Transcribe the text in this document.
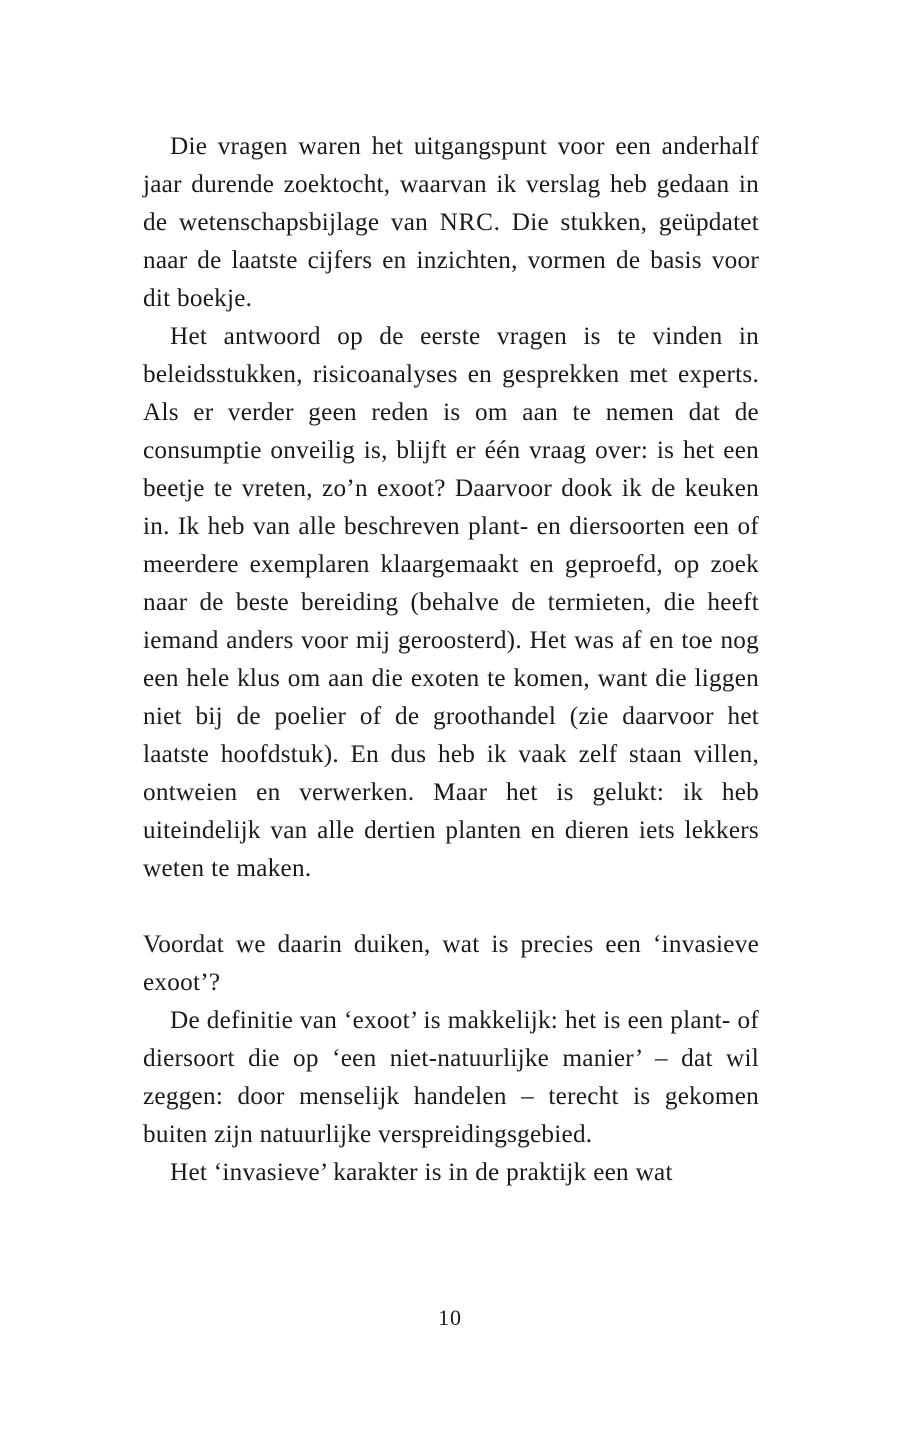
Die vragen waren het uitgangspunt voor een anderhalf jaar durende zoektocht, waarvan ik verslag heb gedaan in de wetenschapsbijlage van NRC. Die stukken, geüpdatet naar de laatste cijfers en inzichten, vormen de basis voor dit boekje.

Het antwoord op de eerste vragen is te vinden in beleidsstukken, risicoanalyses en gesprekken met experts. Als er verder geen reden is om aan te nemen dat de consumptie onveilig is, blijft er één vraag over: is het een beetje te vreten, zo’n exoot? Daarvoor dook ik de keuken in. Ik heb van alle beschreven plant- en diersoorten een of meerdere exemplaren klaargemaakt en geproefd, op zoek naar de beste bereiding (behalve de termieten, die heeft iemand anders voor mij geroosterd). Het was af en toe nog een hele klus om aan die exoten te komen, want die liggen niet bij de poelier of de groothandel (zie daarvoor het laatste hoofdstuk). En dus heb ik vaak zelf staan villen, ontweien en verwerken. Maar het is gelukt: ik heb uiteindelijk van alle dertien planten en dieren iets lekkers weten te maken.

Voordat we daarin duiken, wat is precies een ‘invasieve exoot’?

De definitie van ‘exoot’ is makkelijk: het is een plant- of diersoort die op ‘een niet-natuurlijke manier’ – dat wil zeggen: door menselijk handelen – terecht is gekomen buiten zijn natuurlijke verspreidingsgebied.

Het ‘invasieve’ karakter is in de praktijk een wat

10
